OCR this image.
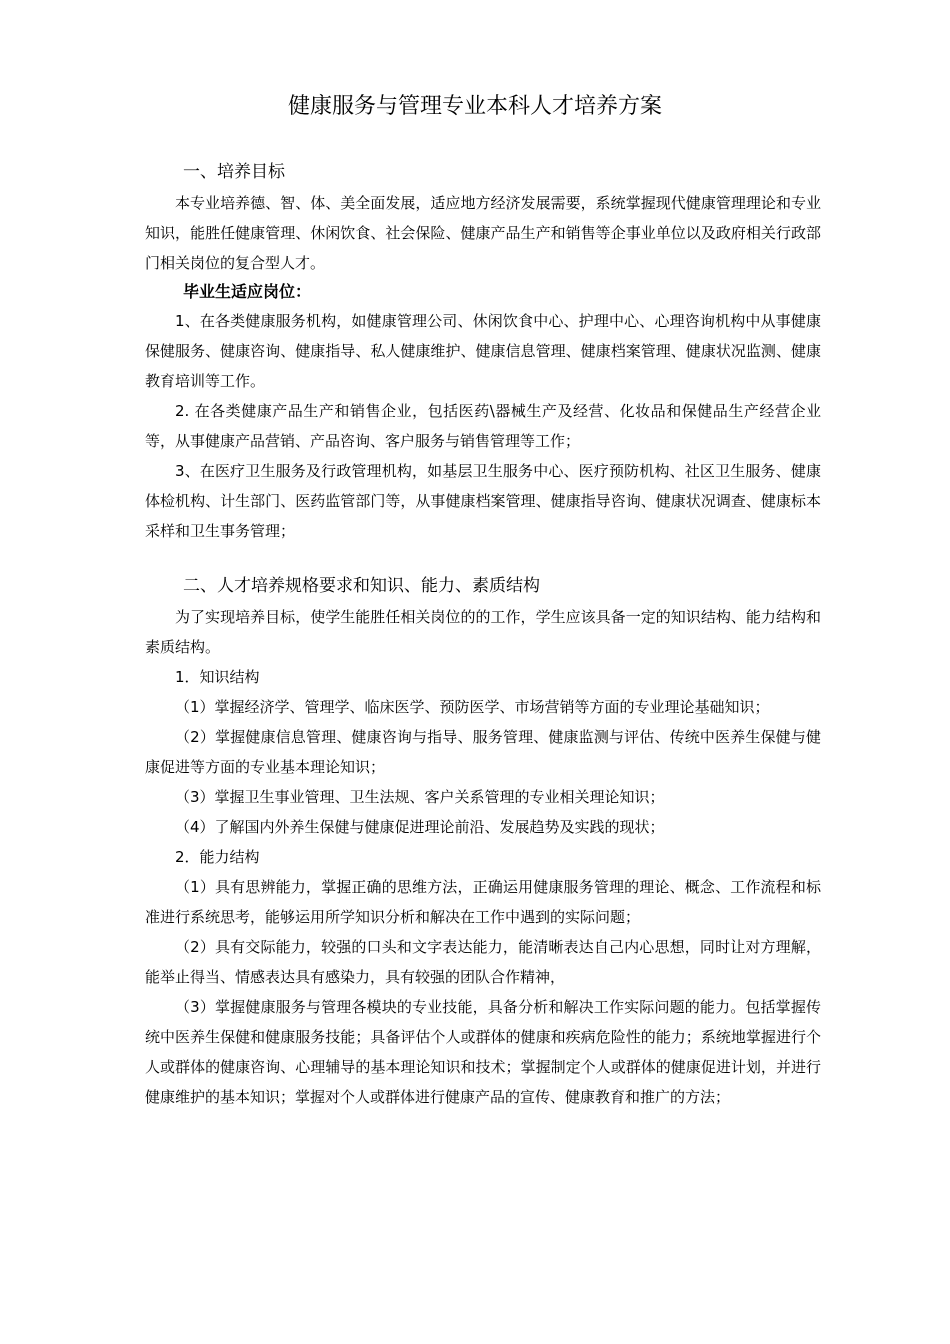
健康服务与管理专业本科人才培养方案
一、培养目标

本专业培养德、智、体、美全面发展，适应地方经济发展需要，系统掌握现代健康管理理论和专业知识，能胜任健康管理、休闲饮食、社会保险、健康产品生产和销售等企事业单位以及政府相关行政部门相关岗位的复合型人才。

毕业生适应岗位：

1、在各类健康服务机构，如健康管理公司、休闲饮食中心、护理中心、心理咨询机构中从事健康保健服务、健康咨询、健康指导、私人健康维护、健康信息管理、健康档案管理、健康状况监测、健康教育培训等工作。

2. 在各类健康产品生产和销售企业，包括医药\器械生产及经营、化妆品和保健品生产经营企业等，从事健康产品营销、产品咨询、客户服务与销售管理等工作；

3、在医疗卫生服务及行政管理机构，如基层卫生服务中心、医疗预防机构、社区卫生服务、健康体检机构、计生部门、医药监管部门等，从事健康档案管理、健康指导咨询、健康状况调查、健康标本采样和卫生事务管理；

二、人才培养规格要求和知识、能力、素质结构

为了实现培养目标，使学生能胜任相关岗位的的工作，学生应该具备一定的知识结构、能力结构和素质结构。

1．知识结构

（1）掌握经济学、管理学、临床医学、预防医学、市场营销等方面的专业理论基础知识；

（2）掌握健康信息管理、健康咨询与指导、服务管理、健康监测与评估、传统中医养生保健与健康促进等方面的专业基本理论知识；

（3）掌握卫生事业管理、卫生法规、客户关系管理的专业相关理论知识；

（4）了解国内外养生保健与健康促进理论前沿、发展趋势及实践的现状；

2．能力结构

（1）具有思辨能力，掌握正确的思维方法，正确运用健康服务管理的理论、概念、工作流程和标准进行系统思考，能够运用所学知识分析和解决在工作中遇到的实际问题；

（2）具有交际能力，较强的口头和文字表达能力，能清晰表达自己内心思想，同时让对方理解，能举止得当、情感表达具有感染力，具有较强的团队合作精神，

（3）掌握健康服务与管理各模块的专业技能，具备分析和解决工作实际问题的能力。包括掌握传统中医养生保健和健康服务技能；具备评估个人或群体的健康和疾病危险性的能力；系统地掌握进行个人或群体的健康咨询、心理辅导的基本理论知识和技术；掌握制定个人或群体的健康促进计划，并进行健康维护的基本知识；掌握对个人或群体进行健康产品的宣传、健康教育和推广的方法；
